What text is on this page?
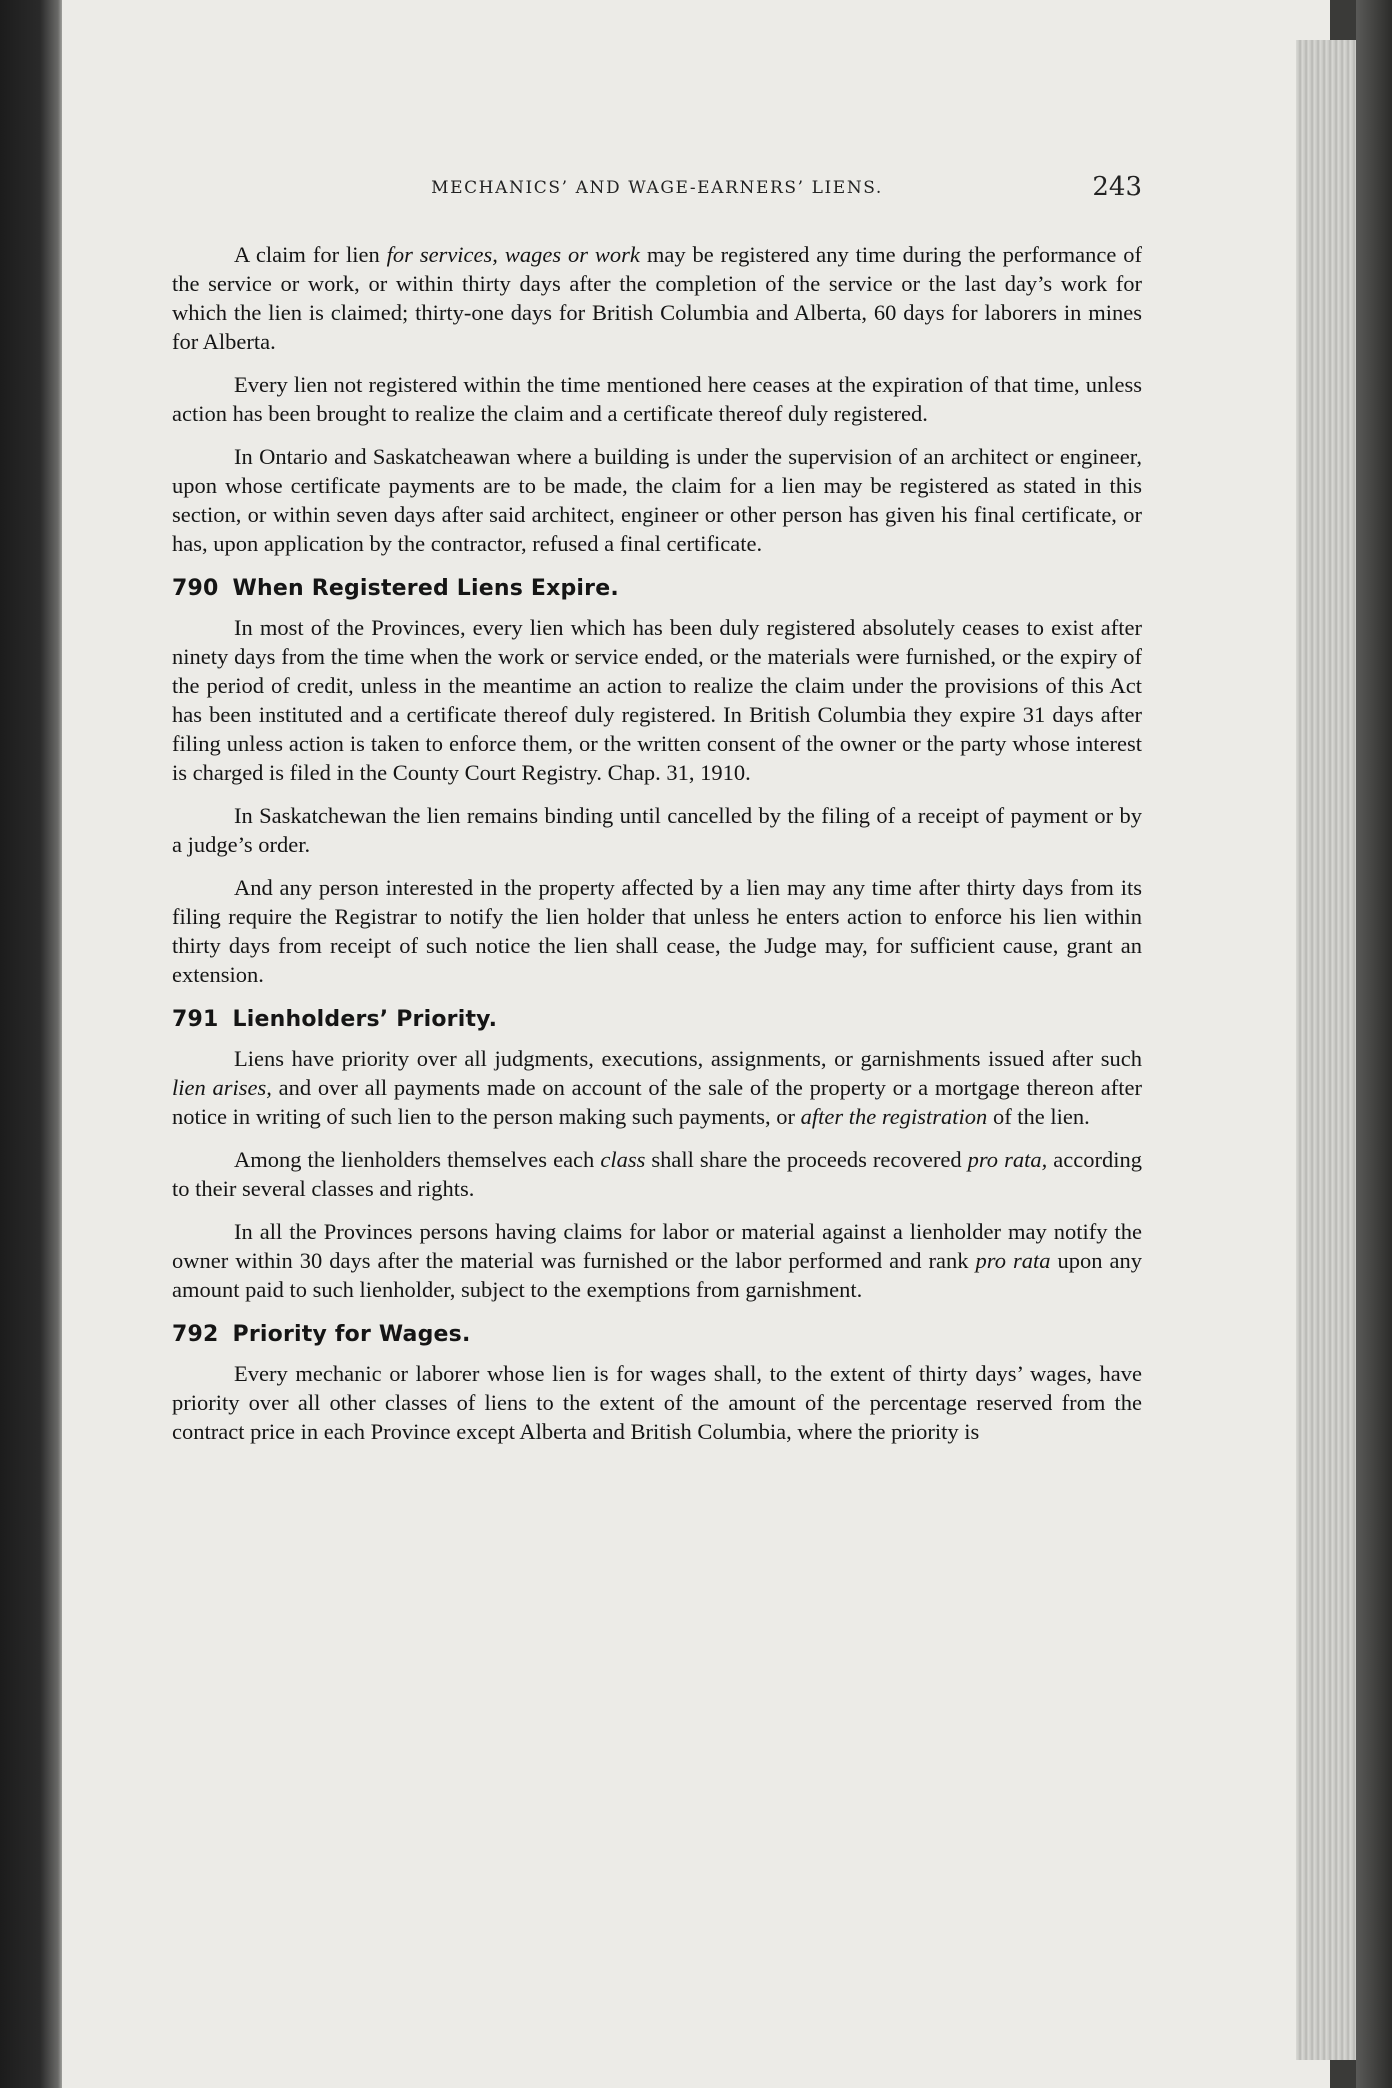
MECHANICS’ AND WAGE-EARNERS’ LIENS.	243

A claim for lien for services, wages or work may be registered any time during the performance of the service or work, or within thirty days after the completion of the service or the last day’s work for which the lien is claimed; thirty-one days for British Columbia and Alberta, 60 days for laborers in mines for Alberta.

Every lien not registered within the time mentioned here ceases at the expiration of that time, unless action has been brought to realize the claim and a certificate thereof duly registered.

In Ontario and Saskatcheawan where a building is under the supervision of an architect or engineer, upon whose certificate payments are to be made, the claim for a lien may be registered as stated in this section, or within seven days after said architect, engineer or other person has given his final certificate, or has, upon application by the contractor, refused a final certificate.

790 When Registered Liens Expire.

In most of the Provinces, every lien which has been duly registered absolutely ceases to exist after ninety days from the time when the work or service ended, or the materials were furnished, or the expiry of the period of credit, unless in the meantime an action to realize the claim under the provisions of this Act has been instituted and a certificate thereof duly registered. In British Columbia they expire 31 days after filing unless action is taken to enforce them, or the written consent of the owner or the party whose interest is charged is filed in the County Court Registry. Chap. 31, 1910.

In Saskatchewan the lien remains binding until cancelled by the filing of a receipt of payment or by a judge’s order.

And any person interested in the property affected by a lien may any time after thirty days from its filing require the Registrar to notify the lien holder that unless he enters action to enforce his lien within thirty days from receipt of such notice the lien shall cease, the Judge may, for sufficient cause, grant an extension.

791 Lienholders’ Priority.

Liens have priority over all judgments, executions, assignments, or garnishments issued after such lien arises, and over all payments made on account of the sale of the property or a mortgage thereon after notice in writing of such lien to the person making such payments, or after the registration of the lien.

Among the lienholders themselves each class shall share the proceeds recovered pro rata, according to their several classes and rights.

In all the Provinces persons having claims for labor or material against a lienholder may notify the owner within 30 days after the material was furnished or the labor performed and rank pro rata upon any amount paid to such lienholder, subject to the exemptions from garnishment.

792 Priority for Wages.

Every mechanic or laborer whose lien is for wages shall, to the extent of thirty days’ wages, have priority over all other classes of liens to the extent of the amount of the percentage reserved from the contract price in each Province except Alberta and British Columbia, where the priority is
